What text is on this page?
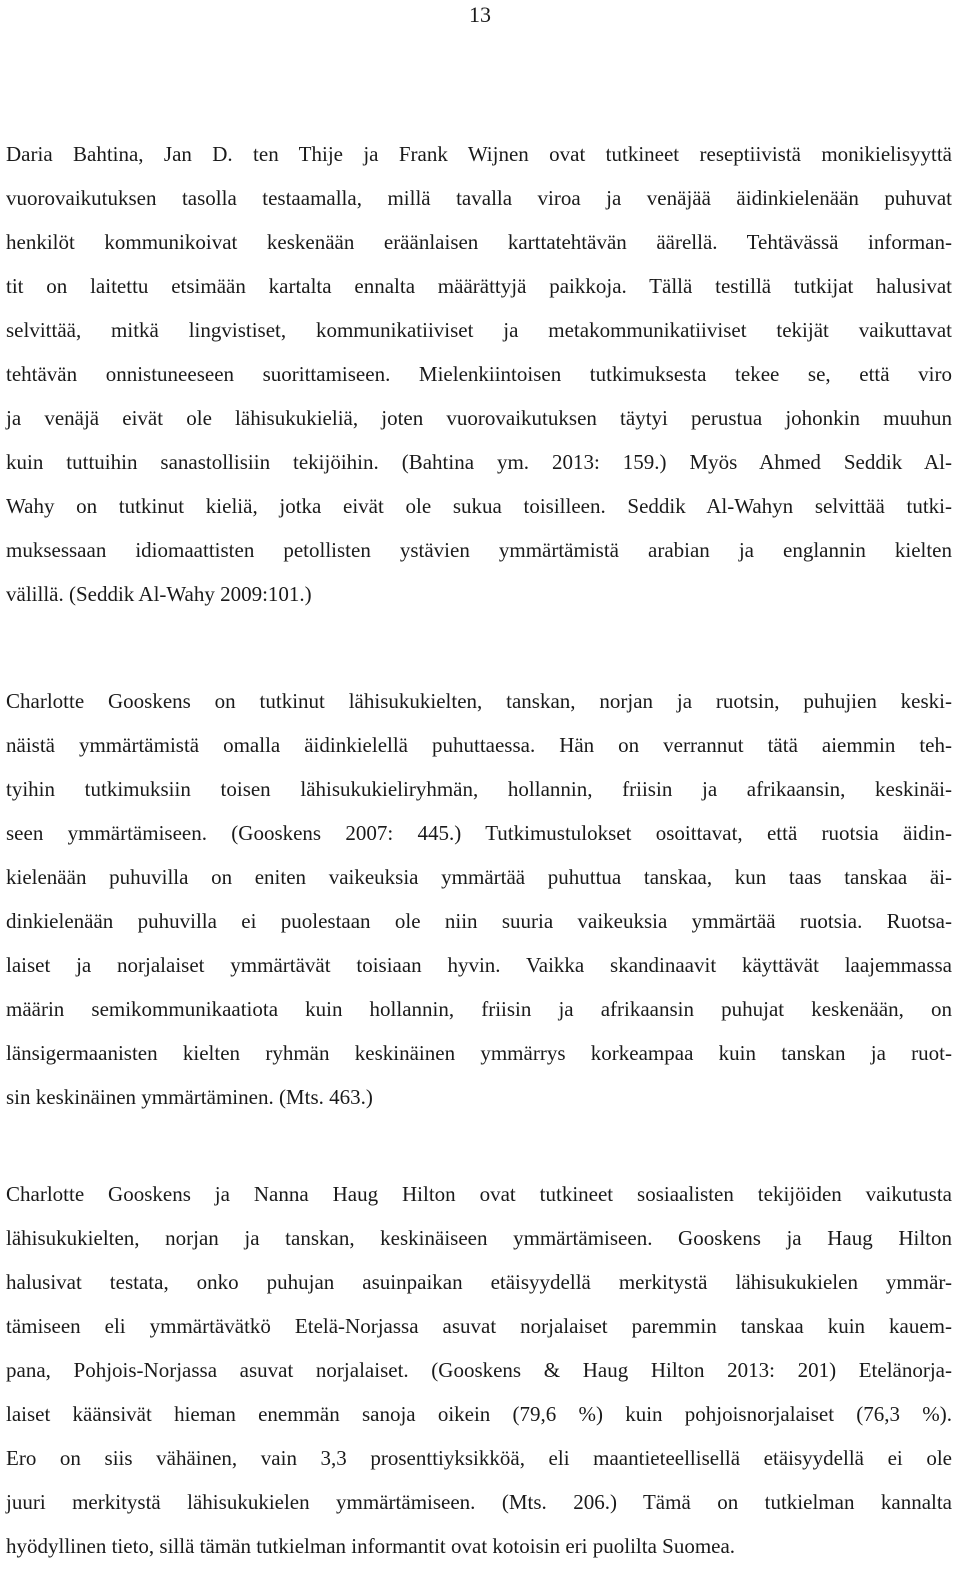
13
Daria Bahtina, Jan D. ten Thije ja Frank Wijnen ovat tutkineet reseptiivistä monikielisyyttä
vuorovaikutuksen tasolla testaamalla, millä tavalla viroa ja venäjää äidinkielenään puhuvat
henkilöt kommunikoivat keskenään eräänlaisen karttatehtävän äärellä. Tehtävässä informan-
tit on laitettu etsimään kartalta ennalta määrättyjä paikkoja. Tällä testillä tutkijat halusivat
selvittää, mitkä lingvistiset, kommunikatiiviset ja metakommunikatiiviset tekijät vaikuttavat
tehtävän onnistuneeseen suorittamiseen. Mielenkiintoisen tutkimuksesta tekee se, että viro
ja venäjä eivät ole lähisukukieliä, joten vuorovaikutuksen täytyi perustua johonkin muuhun
kuin tuttuihin sanastollisiin tekijöihin. (Bahtina ym. 2013: 159.) Myös Ahmed Seddik Al-
Wahy on tutkinut kieliä, jotka eivät ole sukua toisilleen. Seddik Al-Wahyn selvittää tutki-
muksessaan idiomaattisten petollisten ystävien ymmärtämistä arabian ja englannin kielten
välillä. (Seddik Al-Wahy 2009:101.)
Charlotte Gooskens on tutkinut lähisukukielten, tanskan, norjan ja ruotsin, puhujien keski-
näistä ymmärtämistä omalla äidinkielellä puhuttaessa. Hän on verrannut tätä aiemmin teh-
tyihin tutkimuksiin toisen lähisukukieliryhmän, hollannin, friisin ja afrikaansin, keskinäi-
seen ymmärtämiseen. (Gooskens 2007: 445.) Tutkimustulokset osoittavat, että ruotsia äidin-
kielenään puhuvilla on eniten vaikeuksia ymmärtää puhuttua tanskaa, kun taas tanskaa äi-
dinkielenään puhuvilla ei puolestaan ole niin suuria vaikeuksia ymmärtää ruotsia. Ruotsa-
laiset ja norjalaiset ymmärtävät toisiaan hyvin. Vaikka skandinaavit käyttävät laajemmassa
määrin semikommunikaatiota kuin hollannin, friisin ja afrikaansin puhujat keskenään, on
länsigermaanisten kielten ryhmän keskinäinen ymmärrys korkeampaa kuin tanskan ja ruot-
sin keskinäinen ymmärtäminen. (Mts. 463.)
Charlotte Gooskens ja Nanna Haug Hilton ovat tutkineet sosiaalisten tekijöiden vaikutusta
lähisukukielten, norjan ja tanskan, keskinäiseen ymmärtämiseen. Gooskens ja Haug Hilton
halusivat testata, onko puhujan asuinpaikan etäisyydellä merkitystä lähisukukielen ymmär-
tämiseen eli ymmärtävätkö Etelä-Norjassa asuvat norjalaiset paremmin tanskaa kuin kauem-
pana, Pohjois-Norjassa asuvat norjalaiset. (Gooskens & Haug Hilton 2013: 201) Etelänorja-
laiset käänsivät hieman enemmän sanoja oikein (79,6 %) kuin pohjoisnorjalaiset (76,3 %).
Ero on siis vähäinen, vain 3,3 prosenttiyksikköä, eli maantieteellisellä etäisyydellä ei ole
juuri merkitystä lähisukukielen ymmärtämiseen. (Mts. 206.) Tämä on tutkielman kannalta
hyödyllinen tieto, sillä tämän tutkielman informantit ovat kotoisin eri puolilta Suomea.
